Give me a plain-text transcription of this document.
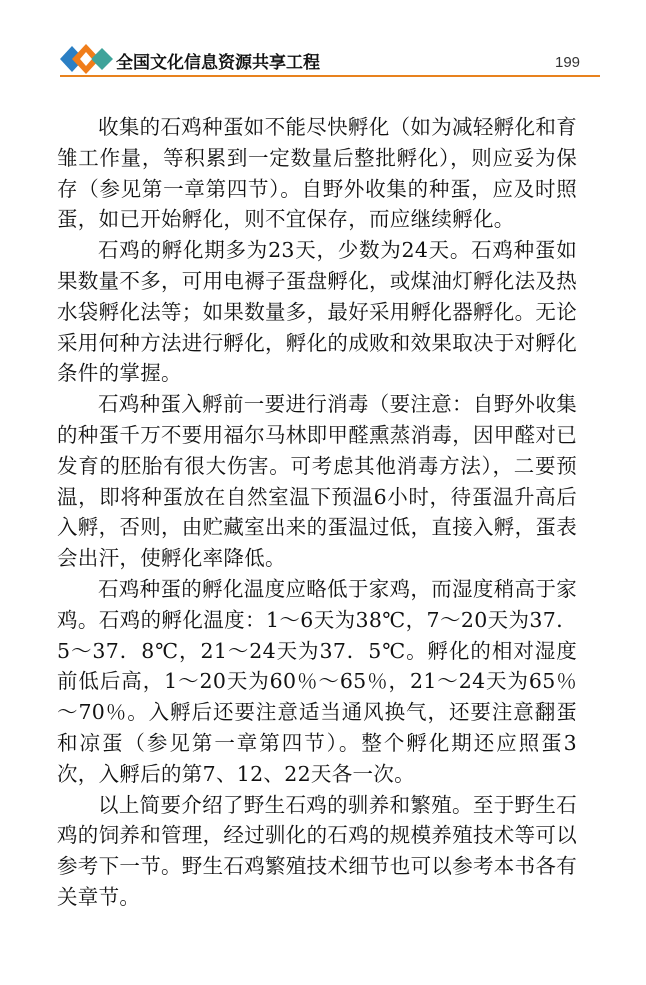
全国文化信息资源共享工程	199

收集的石鸡种蛋如不能尽快孵化（如为减轻孵化和育雏工作量，等积累到一定数量后整批孵化），则应妥为保存（参见第一章第四节）。自野外收集的种蛋，应及时照蛋，如已开始孵化，则不宜保存，而应继续孵化。

石鸡的孵化期多为23天，少数为24天。石鸡种蛋如果数量不多，可用电褥子蛋盘孵化，或煤油灯孵化法及热水袋孵化法等；如果数量多，最好采用孵化器孵化。无论采用何种方法进行孵化，孵化的成败和效果取决于对孵化条件的掌握。

石鸡种蛋入孵前一要进行消毒（要注意：自野外收集的种蛋千万不要用福尔马林即甲醛熏蒸消毒，因甲醛对已发育的胚胎有很大伤害。可考虑其他消毒方法），二要预温，即将种蛋放在自然室温下预温6小时，待蛋温升高后入孵，否则，由贮藏室出来的蛋温过低，直接入孵，蛋表会出汗，使孵化率降低。

石鸡种蛋的孵化温度应略低于家鸡，而湿度稍高于家鸡。石鸡的孵化温度：1～6天为38℃，7～20天为37．5～37．8℃，21～24天为37．5℃。孵化的相对湿度前低后高，1～20天为60％～65％，21～24天为65％～70％。入孵后还要注意适当通风换气，还要注意翻蛋和凉蛋（参见第一章第四节）。整个孵化期还应照蛋3次，入孵后的第7、12、22天各一次。

以上简要介绍了野生石鸡的驯养和繁殖。至于野生石鸡的饲养和管理，经过驯化的石鸡的规模养殖技术等可以参考下一节。野生石鸡繁殖技术细节也可以参考本书各有关章节。
